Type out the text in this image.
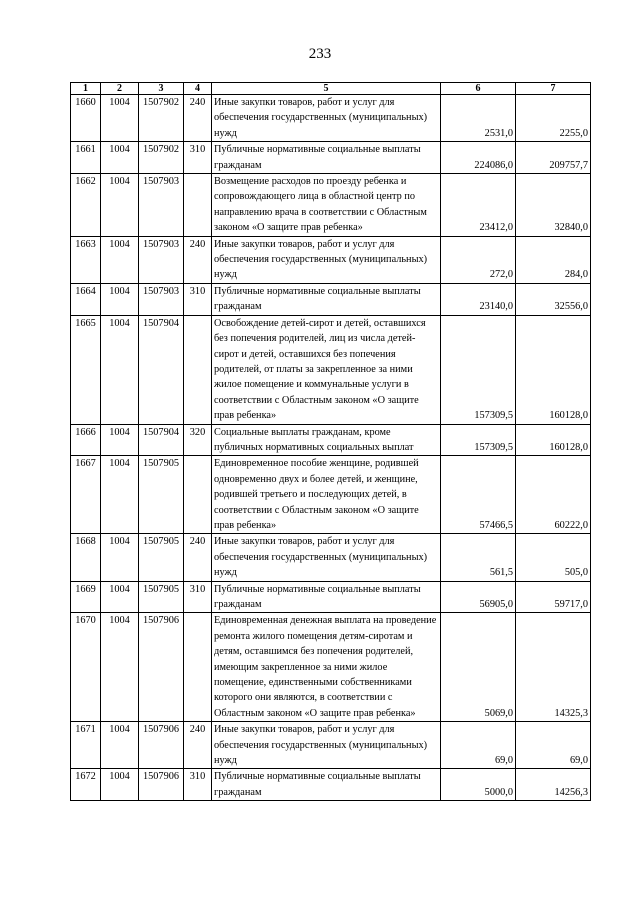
233
1	2	3	4	5	6	7
1660	1004	1507902	240	Иные закупки товаров, работ и услуг для обеспечения государственных (муниципальных) нужд	2531,0	2255,0
1661	1004	1507902	310	Публичные нормативные социальные выплаты гражданам	224086,0	209757,7
1662	1004	1507903		Возмещение расходов по проезду ребенка и сопровождающего лица в областной центр по направлению врача в соответствии с Областным законом «О защите прав ребенка»	23412,0	32840,0
1663	1004	1507903	240	Иные закупки товаров, работ и услуг для обеспечения государственных (муниципальных) нужд	272,0	284,0
1664	1004	1507903	310	Публичные нормативные социальные выплаты гражданам	23140,0	32556,0
1665	1004	1507904		Освобождение детей-сирот и детей, оставшихся без попечения родителей, лиц из числа детей-сирот и детей, оставшихся без попечения родителей, от платы за закрепленное за ними жилое помещение и коммунальные услуги в соответствии с Областным законом «О защите прав ребенка»	157309,5	160128,0
1666	1004	1507904	320	Социальные выплаты гражданам, кроме публичных нормативных социальных выплат	157309,5	160128,0
1667	1004	1507905		Единовременное пособие женщине, родившей одновременно двух и более детей, и женщине, родившей третьего и последующих детей, в соответствии с Областным законом «О защите прав ребенка»	57466,5	60222,0
1668	1004	1507905	240	Иные закупки товаров, работ и услуг для обеспечения государственных (муниципальных) нужд	561,5	505,0
1669	1004	1507905	310	Публичные нормативные социальные выплаты гражданам	56905,0	59717,0
1670	1004	1507906		Единовременная денежная выплата на проведение ремонта жилого помещения детям-сиротам и детям, оставшимся без попечения родителей, имеющим закрепленное за ними жилое помещение, единственными собственниками которого они являются, в соответствии с Областным законом «О защите прав ребенка»	5069,0	14325,3
1671	1004	1507906	240	Иные закупки товаров, работ и услуг для обеспечения государственных (муниципальных) нужд	69,0	69,0
1672	1004	1507906	310	Публичные нормативные социальные выплаты гражданам	5000,0	14256,3
